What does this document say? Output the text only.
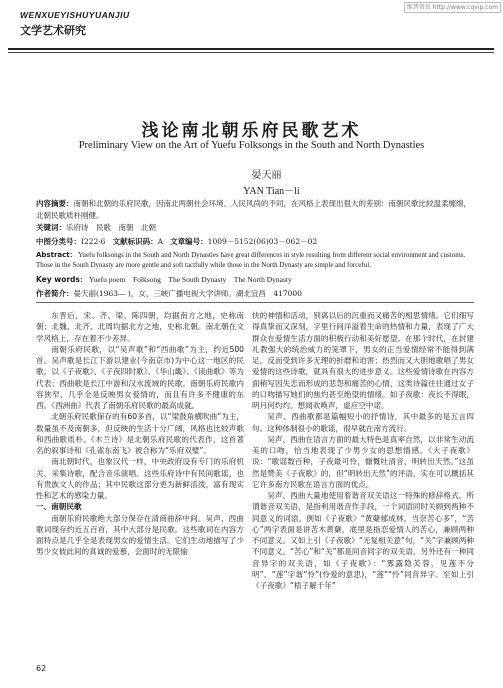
维普资讯 http://www.cqvip.com
WENXUEYISHUYUANJIU
文学艺术研究
浅论南北朝乐府民歌艺术
Preliminary View on the Art of Yuefu Folksongs in the South and North Dynasties
晏天丽
YAN Tian－li
内容摘要：南朝和北朝的乐府民歌，因南北两朝社会环境、人民风尚的不同，在风格上表现出很大的差别：南朝民歌比较温柔缠绵，北朝民歌质朴刚健。
关键词：乐府诗　民歌　南朝　北朝
中图分类号：I222·6 文献标识码：A 文章编号：1009－5152(06)03－062－02
Abstract： Yuefu folksongs in the South and North Dynasties have great differences in style resulting from different social environment and customs. Those in the South Dynasty are more gentle and soft tactfully while those in the North Dynasty are simple and forceful.
Key words： Yuefu poem　Folksong　The South Dynasty　The North Dynasty
作者简介：晏天丽(1963— )，女，三峡广播电视大学讲师。湖北宜昌　417000

东晋后，宋、齐、梁、陈四朝，均据南方之地，史称南朝；北魏、北齐、北周均据北方之地，史称北朝。南北朝在文学风格上，存在着不少差异。

南朝乐府民歌，以“吴声歌”和“西曲歌”为主，约近500首。吴声歌是长江下游以建业(今南京市)为中心这一地区的民歌，以《子夜歌》、《子夜四时歌》、《华山畿》、《读曲歌》等为代表；西曲歌是长江中游和汉水流域的民歌。南朝乐府民歌内容狭窄，几乎全是反映男女爱情的，而且有许多不健康的东西。《西洲曲》代表了南朝乐府民歌的最高成就。

北朝乐府民歌保存的有60多首，以“梁鼓角横吹曲”为主，数量虽不及南朝多，但反映的生活十分广阔，风格也比较声歌和西曲歌质朴。《木兰诗》是北朝乐府民歌的代表作，这首著名的叙事诗和《孔雀东南飞》被合称为“乐府双璧”。

南北朝时代，也象汉代一样，中央政府设有专门的乐府机关，采集诗歌，配合音乐演唱。这些乐府诗中有民间歌谣，也有贵族文人的作品；其中民歌这部分更为新鲜活泼，富有现实性和艺术的感染力量。

一、南朝民歌

南朝乐府民歌绝大部分保存在清商曲辞中间。吴声、西曲歌词现存约近五百首，其中大部分是民歌。这些歌词在内容方面特点是几乎全是表现男女的爱情生活。它们生动地描写了少男少女彼此间的真诚的爱慕，会面时的无限愉

快的神情和活动，别离以后的沉重而又痛苦的相思情绪。它们细写得真挚而又深刻，字里行间洋溢着生命的热情和力量，表现了广大群众在爱情生活方面的积极行动和美好愿望。在那个时代，在封建礼教强大的统治威力的笼罩下，男女的正当爱情经常不能得到满足，反而受到许多无理的折磨和迫害；热烈而又大胆地歌唱了男女爱情的这些诗歌，就具有很大的进步意义。这些爱情诗歌在内容方面稍写因失恋而形成的悲怨和痛苦的心情，这类诗篇往往通过女子的口吻描写她们的焦灼甚至绝望的情绪。如子夜歌：夜长不得眠，明月何灼灼。想闻欢唤声，虚应空中诺。

吴声、西曲歌都是篇幅短小的抒情诗，其中最多的是五言四句。这种体制很小的歌谣，很早就在南方流行。

吴声、西曲在语言方面的最大特色是真率自然，以非常生动流美的口吻，恰当地表现了少男少女的思想情感。《大子夜歌》说：“歌谣数百种，子夜最可怜，慷慨吐清音，明转出天然。”这虽然是赞美《子夜歌》的，但“明转出天然”的评语，实在可以概括其它许多南方民歌在语言方面的优点。

吴声、西曲大量地使用着谐音双关语这一特殊的修辞格式。所谓谐音双关语，是指利用谐音作手段，一个词语同时关顾到两种不同意义的词语。例如《子夜歌》“黄蘖郁成林，当奈苦心多”，“苦心”两字表面是讲苦木黄蘖，底里是指恋爱情人的苦心，兼顾两种不同意义。又如上引《子夜歌》“无复相关意”句，“关”字兼顾两种不同意义。“苦心”和“关”都是同音同字的双关语，另外还有一种同音异字的双关语，如《子夜歌》：“雾露隐芙蓉，见莲不分明”，“莲”字谐“怜”(怜爱的意思)，“莲”“怜”同音异字。至如上引《子夜歌》“梧子解千年”

62
